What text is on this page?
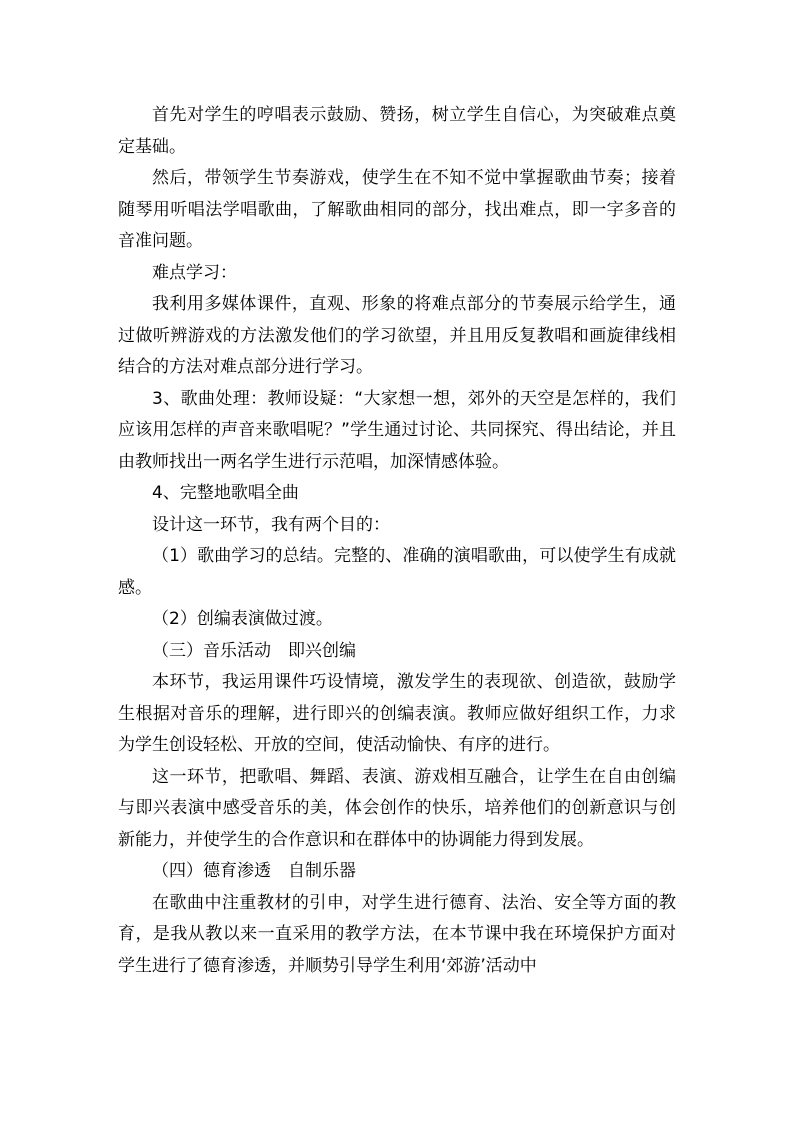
首先对学生的哼唱表示鼓励、赞扬，树立学生自信心，为突破难点奠定基础。

然后，带领学生节奏游戏，使学生在不知不觉中掌握歌曲节奏；接着随琴用听唱法学唱歌曲，了解歌曲相同的部分，找出难点，即一字多音的音准问题。

难点学习：

我利用多媒体课件，直观、形象的将难点部分的节奏展示给学生，通过做听辨游戏的方法激发他们的学习欲望，并且用反复教唱和画旋律线相结合的方法对难点部分进行学习。

3、歌曲处理：教师设疑：“大家想一想，郊外的天空是怎样的，我们应该用怎样的声音来歌唱呢？”学生通过讨论、共同探究、得出结论，并且由教师找出一两名学生进行示范唱，加深情感体验。

4、完整地歌唱全曲

设计这一环节，我有两个目的：

（1）歌曲学习的总结。完整的、准确的演唱歌曲，可以使学生有成就感。

（2）创编表演做过渡。

（三）音乐活动　即兴创编

本环节，我运用课件巧设情境，激发学生的表现欲、创造欲，鼓励学生根据对音乐的理解，进行即兴的创编表演。教师应做好组织工作，力求为学生创设轻松、开放的空间，使活动愉快、有序的进行。

这一环节，把歌唱、舞蹈、表演、游戏相互融合，让学生在自由创编与即兴表演中感受音乐的美，体会创作的快乐，培养他们的创新意识与创新能力，并使学生的合作意识和在群体中的协调能力得到发展。

（四）德育渗透　自制乐器

在歌曲中注重教材的引申，对学生进行德育、法治、安全等方面的教育，是我从教以来一直采用的教学方法，在本节课中我在环境保护方面对学生进行了德育渗透，并顺势引导学生利用‘郊游’活动中
